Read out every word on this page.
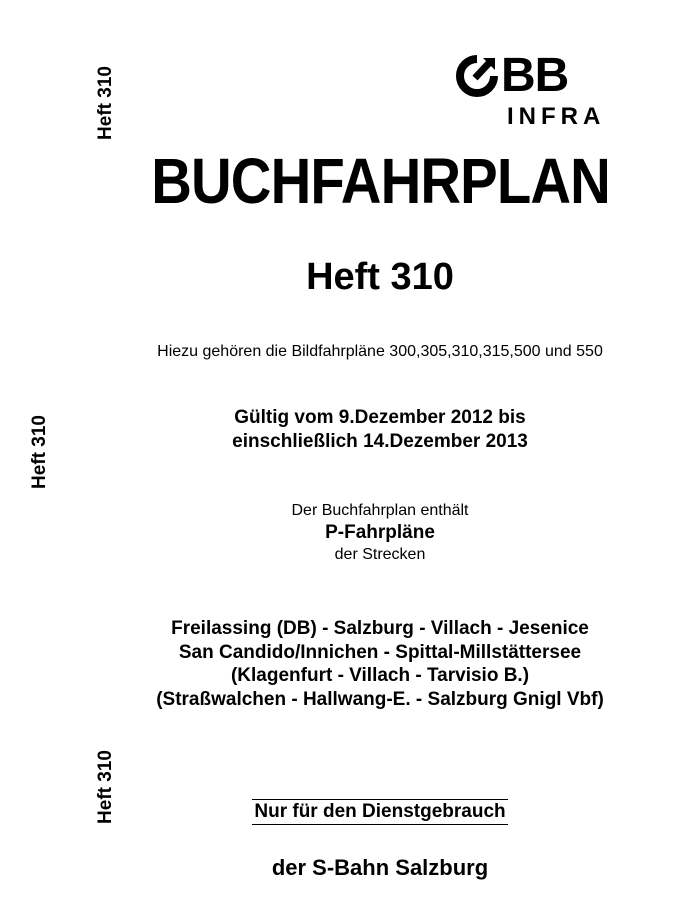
Heft 310
Heft 310
Heft 310
BB
INFRA
BUCHFAHRPLAN
Heft 310
Hiezu gehören die Bildfahrpläne 300,305,310,315,500 und 550
Gültig vom 9.Dezember 2012 bis
einschließlich 14.Dezember 2013
Der Buchfahrplan enthält
P-Fahrpläne
der Strecken
Freilassing (DB) - Salzburg - Villach - Jesenice
San Candido/Innichen - Spittal-Millstättersee
(Klagenfurt - Villach - Tarvisio B.)
(Straßwalchen - Hallwang-E. - Salzburg Gnigl Vbf)
Nur für den Dienstgebrauch
der S-Bahn Salzburg
